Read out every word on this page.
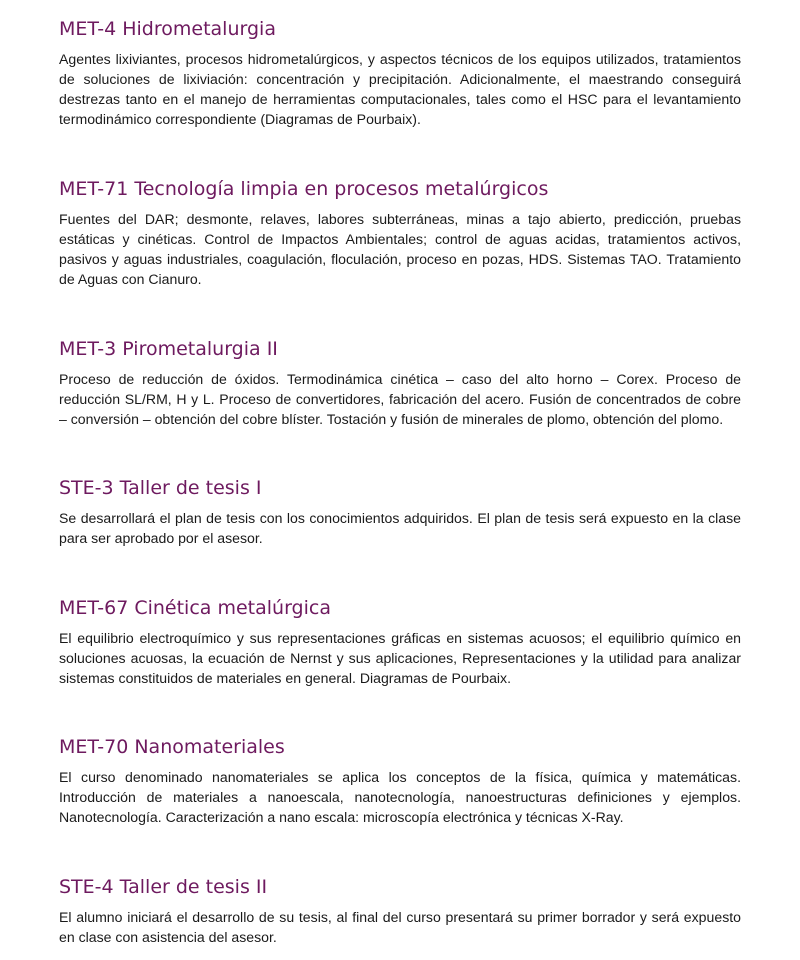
MET-4 Hidrometalurgia

Agentes lixiviantes, procesos hidrometalúrgicos, y aspectos técnicos de los equipos utilizados, tratamientos de soluciones de lixiviación: concentración y precipitación. Adicionalmente, el maestrando conseguirá destrezas tanto en el manejo de herramientas computacionales, tales como el HSC para el levantamiento termodinámico correspondiente (Diagramas de Pourbaix).

MET-71 Tecnología limpia en procesos metalúrgicos

Fuentes del DAR; desmonte, relaves, labores subterráneas, minas a tajo abierto, predicción, pruebas estáticas y cinéticas. Control de Impactos Ambientales; control de aguas acidas, tratamientos activos, pasivos y aguas industriales, coagulación, floculación, proceso en pozas, HDS. Sistemas TAO. Tratamiento de Aguas con Cianuro.

MET-3 Pirometalurgia II

Proceso de reducción de óxidos. Termodinámica cinética – caso del alto horno – Corex. Proceso de reducción SL/RM, H y L. Proceso de convertidores, fabricación del acero. Fusión de concentrados de cobre – conversión – obtención del cobre blíster. Tostación y fusión de minerales de plomo, obtención del plomo.

STE-3 Taller de tesis I

Se desarrollará el plan de tesis con los conocimientos adquiridos. El plan de tesis será expuesto en la clase para ser aprobado por el asesor.

MET-67 Cinética metalúrgica

El equilibrio electroquímico y sus representaciones gráficas en sistemas acuosos; el equilibrio químico en soluciones acuosas, la ecuación de Nernst y sus aplicaciones, Representaciones y la utilidad para analizar sistemas constituidos de materiales en general. Diagramas de Pourbaix.

MET-70 Nanomateriales

El curso denominado nanomateriales se aplica los conceptos de la física, química y matemáticas. Introducción de materiales a nanoescala, nanotecnología, nanoestructuras definiciones y ejemplos. Nanotecnología. Caracterización a nano escala: microscopía electrónica y técnicas X-Ray.

STE-4 Taller de tesis II

El alumno iniciará el desarrollo de su tesis, al final del curso presentará su primer borrador y será expuesto en clase con asistencia del asesor.
